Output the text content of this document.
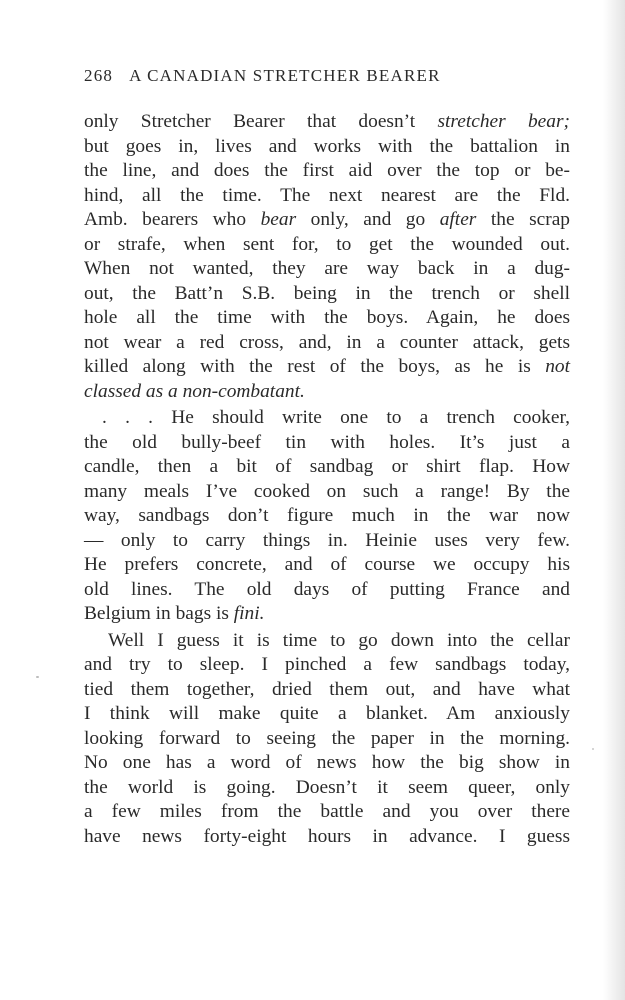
268 A CANADIAN STRETCHER BEARER
only Stretcher Bearer that doesn’t stretcher bear;
but goes in, lives and works with the battalion in
the line, and does the first aid over the top or be-
hind, all the time. The next nearest are the Fld.
Amb. bearers who bear only, and go after the scrap
or strafe, when sent for, to get the wounded out.
When not wanted, they are way back in a dug-
out, the Batt’n S.B. being in the trench or shell
hole all the time with the boys. Again, he does
not wear a red cross, and, in a counter attack, gets
killed along with the rest of the boys, as he is not
classed as a non-combatant.
. . . He should write one to a trench cooker,
the old bully-beef tin with holes. It’s just a
candle, then a bit of sandbag or shirt flap. How
many meals I’ve cooked on such a range! By the
way, sandbags don’t figure much in the war now
— only to carry things in. Heinie uses very few.
He prefers concrete, and of course we occupy his
old lines. The old days of putting France and
Belgium in bags is fini.
Well I guess it is time to go down into the cellar
and try to sleep. I pinched a few sandbags today,
tied them together, dried them out, and have what
I think will make quite a blanket. Am anxiously
looking forward to seeing the paper in the morning.
No one has a word of news how the big show in
the world is going. Doesn’t it seem queer, only
a few miles from the battle and you over there
have news forty-eight hours in advance. I guess
